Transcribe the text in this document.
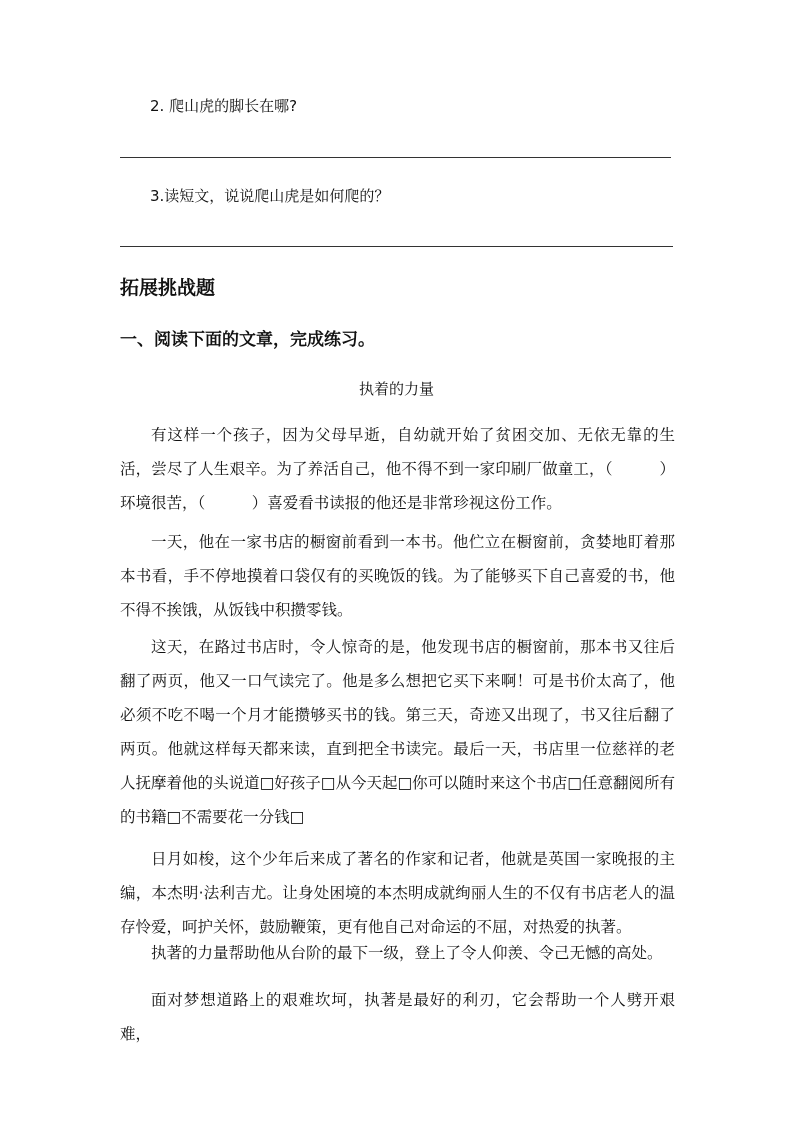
2. 爬山虎的脚长在哪?
3.读短文，说说爬山虎是如何爬的？
拓展挑战题
一、阅读下面的文章，完成练习。
执着的力量
有这样一个孩子，因为父母早逝，自幼就开始了贫困交加、无依无靠的生活，尝尽了人生艰辛。为了养活自己，他不得不到一家印刷厂做童工，（　　　）环境很苦，（　　　）喜爱看书读报的他还是非常珍视这份工作。
一天，他在一家书店的橱窗前看到一本书。他伫立在橱窗前，贪婪地盯着那本书看，手不停地摸着口袋仅有的买晚饭的钱。为了能够买下自己喜爱的书，他不得不挨饿，从饭钱中积攒零钱。
这天，在路过书店时，令人惊奇的是，他发现书店的橱窗前，那本书又往后翻了两页，他又一口气读完了。他是多么想把它买下来啊！可是书价太高了，他必须不吃不喝一个月才能攒够买书的钱。第三天，奇迹又出现了，书又往后翻了两页。他就这样每天都来读，直到把全书读完。最后一天，书店里一位慈祥的老人抚摩着他的头说道□好孩子□从今天起□你可以随时来这个书店□任意翻阅所有的书籍□不需要花一分钱□
日月如梭，这个少年后来成了著名的作家和记者，他就是英国一家晚报的主编，本杰明·法利吉尤。让身处困境的本杰明成就绚丽人生的不仅有书店老人的温存怜爱，呵护关怀，鼓励鞭策，更有他自己对命运的不屈，对热爱的执著。
执著的力量帮助他从台阶的最下一级，登上了令人仰羡、令己无憾的高处。
面对梦想道路上的艰难坎坷，执著是最好的利刃，它会帮助一个人劈开艰难，
